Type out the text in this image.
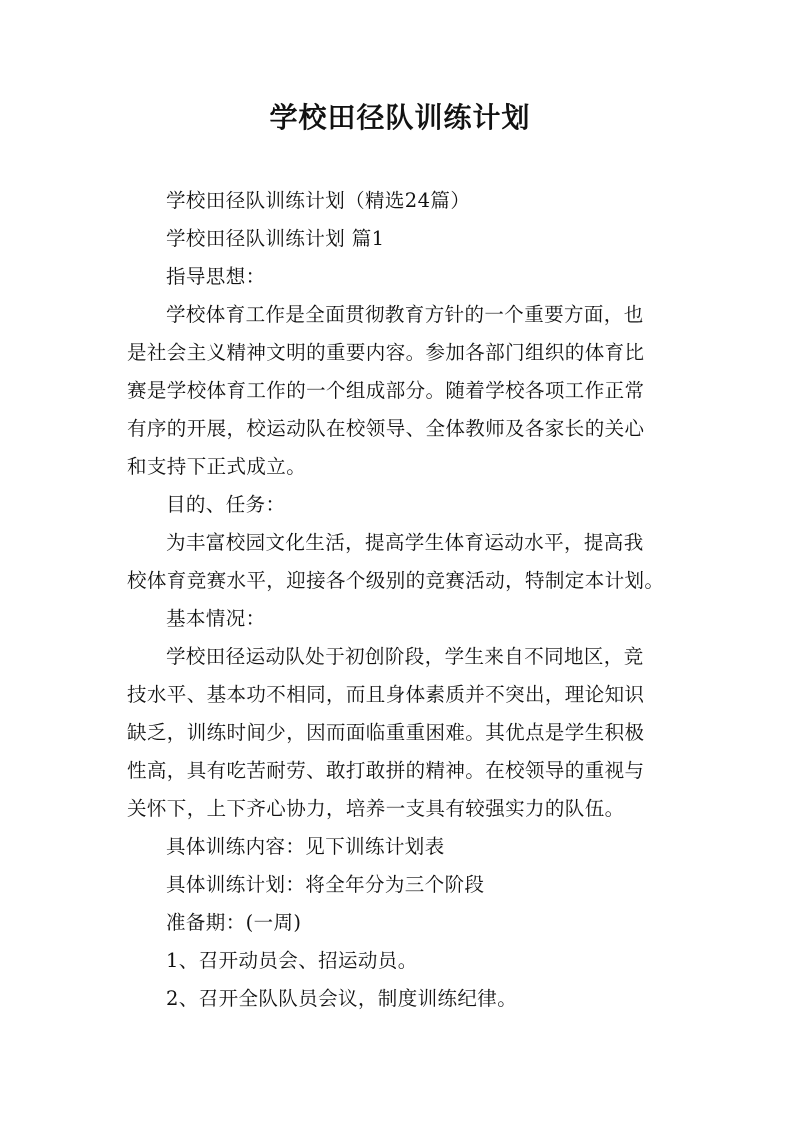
学校田径队训练计划
学校田径队训练计划（精选24篇）
学校田径队训练计划 篇1
指导思想：
学校体育工作是全面贯彻教育方针的一个重要方面，也
是社会主义精神文明的重要内容。参加各部门组织的体育比
赛是学校体育工作的一个组成部分。随着学校各项工作正常
有序的开展，校运动队在校领导、全体教师及各家长的关心
和支持下正式成立。
目的、任务：
为丰富校园文化生活，提高学生体育运动水平，提高我
校体育竞赛水平，迎接各个级别的竞赛活动，特制定本计划。
基本情况：
学校田径运动队处于初创阶段，学生来自不同地区，竞
技水平、基本功不相同，而且身体素质并不突出，理论知识
缺乏，训练时间少，因而面临重重困难。其优点是学生积极
性高，具有吃苦耐劳、敢打敢拼的精神。在校领导的重视与
关怀下，上下齐心协力，培养一支具有较强实力的队伍。
具体训练内容：见下训练计划表
具体训练计划：将全年分为三个阶段
准备期：(一周)
1、召开动员会、招运动员。
2、召开全队队员会议，制度训练纪律。
